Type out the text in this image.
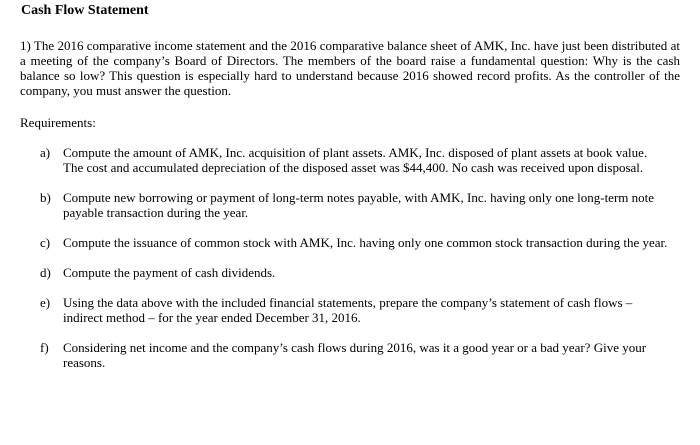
Cash Flow Statement
1) The 2016 comparative income statement and the 2016 comparative balance sheet of AMK, Inc. have just been distributed at a meeting of the company’s Board of Directors. The members of the board raise a fundamental question: Why is the cash balance so low? This question is especially hard to understand because 2016 showed record profits. As the controller of the company, you must answer the question.
Requirements:
a) Compute the amount of AMK, Inc. acquisition of plant assets. AMK, Inc. disposed of plant assets at book value. The cost and accumulated depreciation of the disposed asset was $44,400. No cash was received upon disposal.
b) Compute new borrowing or payment of long-term notes payable, with AMK, Inc. having only one long-term note payable transaction during the year.
c) Compute the issuance of common stock with AMK, Inc. having only one common stock transaction during the year.
d) Compute the payment of cash dividends.
e) Using the data above with the included financial statements, prepare the company’s statement of cash flows – indirect method – for the year ended December 31, 2016.
f) Considering net income and the company’s cash flows during 2016, was it a good year or a bad year? Give your reasons.
